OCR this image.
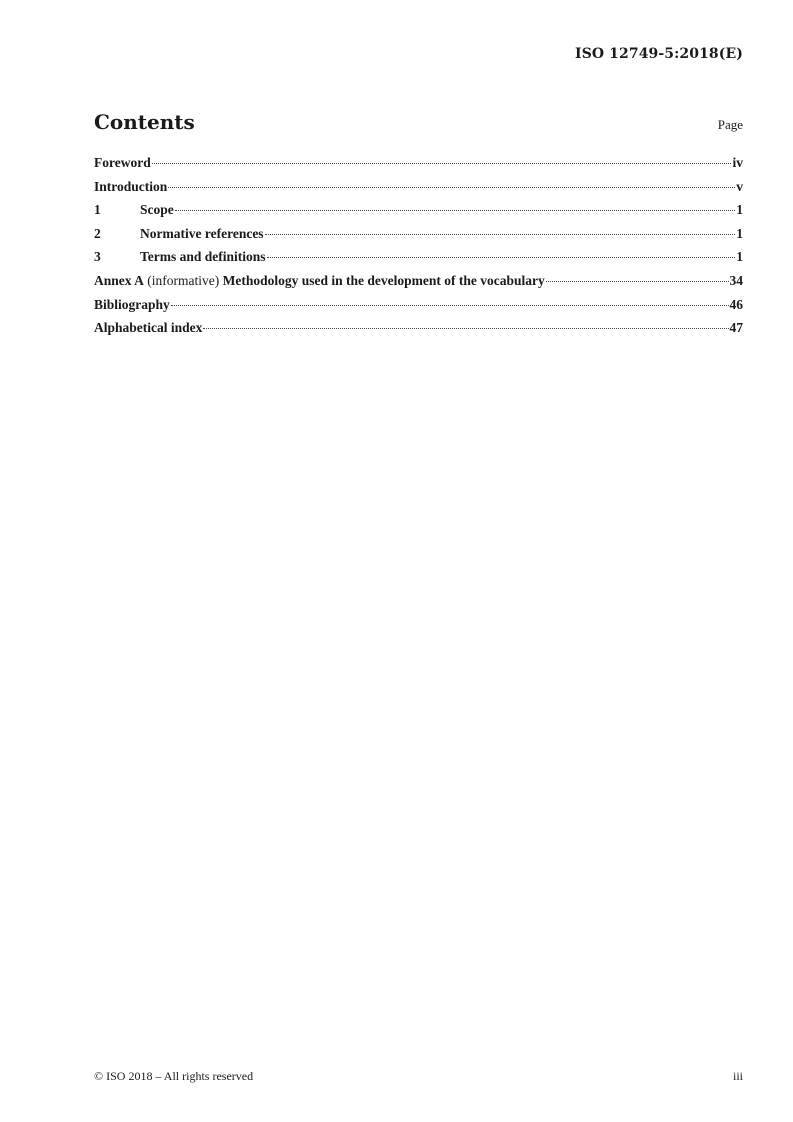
ISO 12749-5:2018(E)
Contents	Page
Foreword	iv
Introduction	v
1	Scope	1
2	Normative references	1
3	Terms and definitions	1
Annex A (informative) Methodology used in the development of the vocabulary	34
Bibliography	46
Alphabetical index	47
© ISO 2018 – All rights reserved	iii
